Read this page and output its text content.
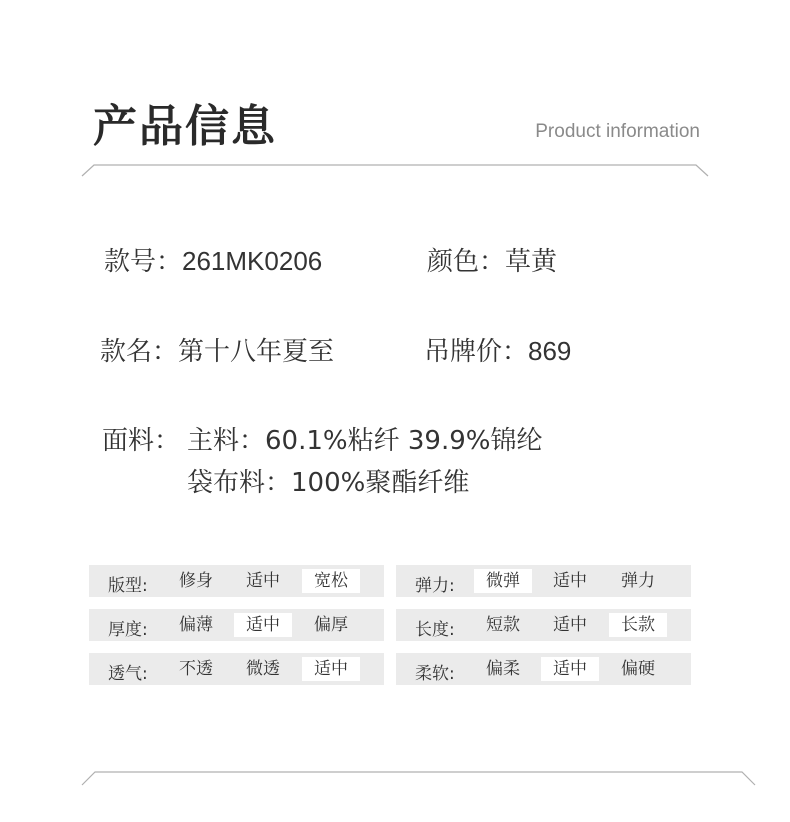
产品信息	Product information
款号：261MK0206	颜色：草黄
款名：第十八年夏至	吊牌价：869
面料： 主料：60.1%粘纤 39.9%锦纶
袋布料：100%聚酯纤维
版型:	修身	适中	宽松
厚度:	偏薄	适中	偏厚
透气:	不透	微透	适中
弹力:	微弹	适中	弹力
长度:	短款	适中	长款
柔软:	偏柔	适中	偏硬
